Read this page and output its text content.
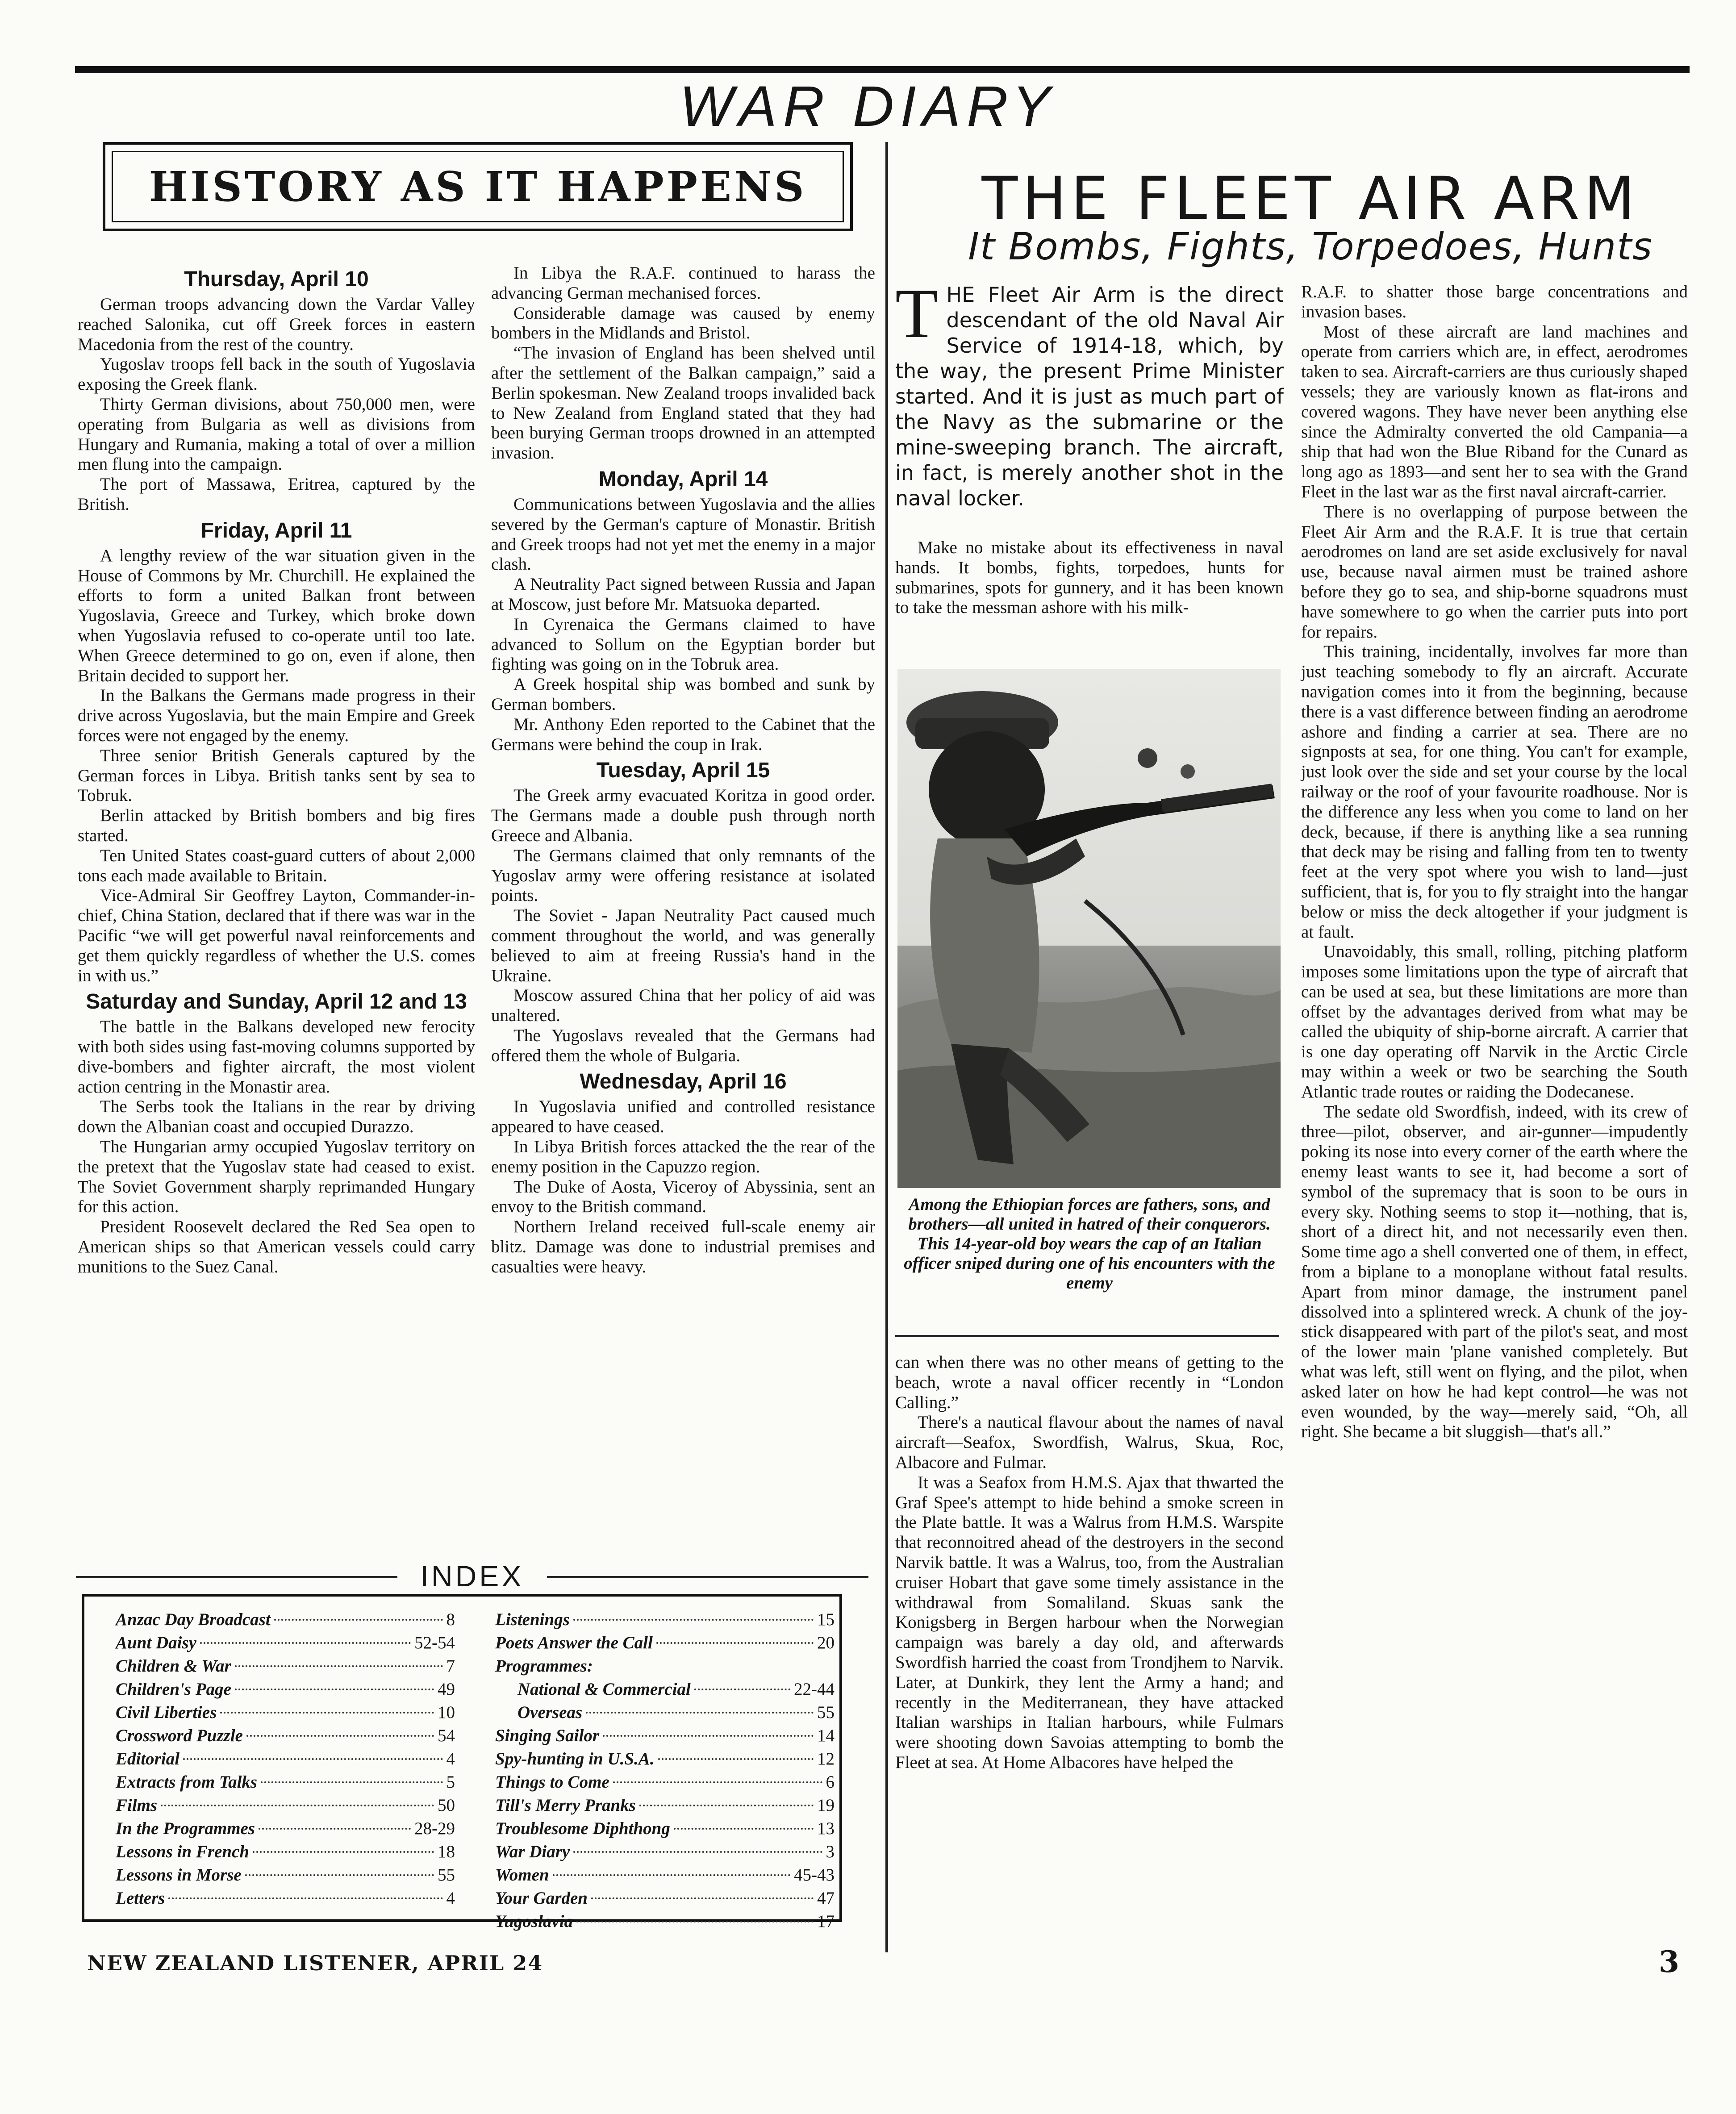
WAR DIARY
HISTORY AS IT HAPPENS
Thursday, April 10

German troops advancing down the Vardar Valley reached Salonika, cut off Greek forces in eastern Macedonia from the rest of the country.

Yugoslav troops fell back in the south of Yugoslavia exposing the Greek flank.

Thirty German divisions, about 750,000 men, were operating from Bulgaria as well as divisions from Hungary and Rumania, making a total of over a million men flung into the campaign.

The port of Massawa, Eritrea, captured by the British.

Friday, April 11

A lengthy review of the war situation given in the House of Commons by Mr. Churchill. He explained the efforts to form a united Balkan front between Yugoslavia, Greece and Turkey, which broke down when Yugoslavia refused to co-operate until too late. When Greece determined to go on, even if alone, then Britain decided to support her.

In the Balkans the Germans made progress in their drive across Yugoslavia, but the main Empire and Greek forces were not engaged by the enemy.

Three senior British Generals captured by the German forces in Libya. British tanks sent by sea to Tobruk.

Berlin attacked by British bombers and big fires started.

Ten United States coast-guard cutters of about 2,000 tons each made available to Britain.

Vice-Admiral Sir Geoffrey Layton, Commander-in-chief, China Station, declared that if there was war in the Pacific “we will get powerful naval reinforcements and get them quickly regardless of whether the U.S. comes in with us.”

Saturday and Sunday, April 12 and 13

The battle in the Balkans developed new ferocity with both sides using fast-moving columns supported by dive-bombers and fighter aircraft, the most violent action centring in the Monastir area.

The Serbs took the Italians in the rear by driving down the Albanian coast and occupied Durazzo.

The Hungarian army occupied Yugoslav territory on the pretext that the Yugoslav state had ceased to exist. The Soviet Government sharply reprimanded Hungary for this action.

President Roosevelt declared the Red Sea open to American ships so that American vessels could carry munitions to the Suez Canal.

In Libya the R.A.F. continued to harass the advancing German mechanised forces.

Considerable damage was caused by enemy bombers in the Midlands and Bristol.

“The invasion of England has been shelved until after the settlement of the Balkan campaign,” said a Berlin spokesman. New Zealand troops invalided back to New Zealand from England stated that they had been burying German troops drowned in an attempted invasion.

Monday, April 14

Communications between Yugoslavia and the allies severed by the German's capture of Monastir. British and Greek troops had not yet met the enemy in a major clash.

A Neutrality Pact signed between Russia and Japan at Moscow, just before Mr. Matsuoka departed.

In Cyrenaica the Germans claimed to have advanced to Sollum on the Egyptian border but fighting was going on in the Tobruk area.

A Greek hospital ship was bombed and sunk by German bombers.

Mr. Anthony Eden reported to the Cabinet that the Germans were behind the coup in Irak.

Tuesday, April 15

The Greek army evacuated Koritza in good order. The Germans made a double push through north Greece and Albania.

The Germans claimed that only remnants of the Yugoslav army were offering resistance at isolated points.

The Soviet - Japan Neutrality Pact caused much comment throughout the world, and was generally believed to aim at freeing Russia's hand in the Ukraine.

Moscow assured China that her policy of aid was unaltered.

The Yugoslavs revealed that the Germans had offered them the whole of Bulgaria.

Wednesday, April 16

In Yugoslavia unified and controlled resistance appeared to have ceased.

In Libya British forces attacked the the rear of the enemy position in the Capuzzo region.

The Duke of Aosta, Viceroy of Abyssinia, sent an envoy to the British command.

Northern Ireland received full-scale enemy air blitz. Damage was done to industrial premises and casualties were heavy.

INDEX
Anzac Day Broadcast	8
Aunt Daisy	52-54
Children & War	7
Children's Page	49
Civil Liberties	10
Crossword Puzzle	54
Editorial	4
Extracts from Talks	5
Films	50
In the Programmes	28-29
Lessons in French	18
Lessons in Morse	55
Letters	4
Listenings	15
Poets Answer the Call	20
Programmes:
National & Commercial	22-44
Overseas	55
Singing Sailor	14
Spy-hunting in U.S.A.	12
Things to Come	6
Till's Merry Pranks	19
Troublesome Diphthong	13
War Diary	3
Women	45-43
Your Garden	47
Yugoslavia	17
NEW ZEALAND LISTENER, APRIL 24	3
THE FLEET AIR ARM
It Bombs, Fights, Torpedoes, Hunts
THE Fleet Air Arm is the direct descendant of the old Naval Air Service of 1914-18, which, by the way, the present Prime Minister started. And it is just as much part of the Navy as the submarine or the mine-sweeping branch. The aircraft, in fact, is merely another shot in the naval locker.

Make no mistake about its effectiveness in naval hands. It bombs, fights, torpedoes, hunts for submarines, spots for gunnery, and it has been known to take the messman ashore with his milk-

Among the Ethiopian forces are fathers, sons, and brothers—all united in hatred of their conquerors. This 14-year-old boy wears the cap of an Italian officer sniped during one of his encounters with the enemy

can when there was no other means of getting to the beach, wrote a naval officer recently in “London Calling.”

There's a nautical flavour about the names of naval aircraft—Seafox, Swordfish, Walrus, Skua, Roc, Albacore and Fulmar.

It was a Seafox from H.M.S. Ajax that thwarted the Graf Spee's attempt to hide behind a smoke screen in the Plate battle. It was a Walrus from H.M.S. Warspite that reconnoitred ahead of the destroyers in the second Narvik battle. It was a Walrus, too, from the Australian cruiser Hobart that gave some timely assistance in the withdrawal from Somaliland. Skuas sank the Konigsberg in Bergen harbour when the Norwegian campaign was barely a day old, and afterwards Swordfish harried the coast from Trondjhem to Narvik. Later, at Dunkirk, they lent the Army a hand; and recently in the Mediterranean, they have attacked Italian warships in Italian harbours, while Fulmars were shooting down Savoias attempting to bomb the Fleet at sea. At Home Albacores have helped the

R.A.F. to shatter those barge concentrations and invasion bases.

Most of these aircraft are land machines and operate from carriers which are, in effect, aerodromes taken to sea. Aircraft-carriers are thus curiously shaped vessels; they are variously known as flat-irons and covered wagons. They have never been anything else since the Admiralty converted the old Campania—a ship that had won the Blue Riband for the Cunard as long ago as 1893—and sent her to sea with the Grand Fleet in the last war as the first naval aircraft-carrier.

There is no overlapping of purpose between the Fleet Air Arm and the R.A.F. It is true that certain aerodromes on land are set aside exclusively for naval use, because naval airmen must be trained ashore before they go to sea, and ship-borne squadrons must have somewhere to go when the carrier puts into port for repairs.

This training, incidentally, involves far more than just teaching somebody to fly an aircraft. Accurate navigation comes into it from the beginning, because there is a vast difference between finding an aerodrome ashore and finding a carrier at sea. There are no signposts at sea, for one thing. You can't for example, just look over the side and set your course by the local railway or the roof of your favourite roadhouse. Nor is the difference any less when you come to land on her deck, because, if there is anything like a sea running that deck may be rising and falling from ten to twenty feet at the very spot where you wish to land—just sufficient, that is, for you to fly straight into the hangar below or miss the deck altogether if your judgment is at fault.

Unavoidably, this small, rolling, pitching platform imposes some limitations upon the type of aircraft that can be used at sea, but these limitations are more than offset by the advantages derived from what may be called the ubiquity of ship-borne aircraft. A carrier that is one day operating off Narvik in the Arctic Circle may within a week or two be searching the South Atlantic trade routes or raiding the Dodecanese.

The sedate old Swordfish, indeed, with its crew of three—pilot, observer, and air-gunner—impudently poking its nose into every corner of the earth where the enemy least wants to see it, had become a sort of symbol of the supremacy that is soon to be ours in every sky. Nothing seems to stop it—nothing, that is, short of a direct hit, and not necessarily even then. Some time ago a shell converted one of them, in effect, from a biplane to a monoplane without fatal results. Apart from minor damage, the instrument panel dissolved into a splintered wreck. A chunk of the joy-stick disappeared with part of the pilot's seat, and most of the lower main 'plane vanished completely. But what was left, still went on flying, and the pilot, when asked later on how he had kept control—he was not even wounded, by the way—merely said, “Oh, all right. She became a bit sluggish—that's all.”
